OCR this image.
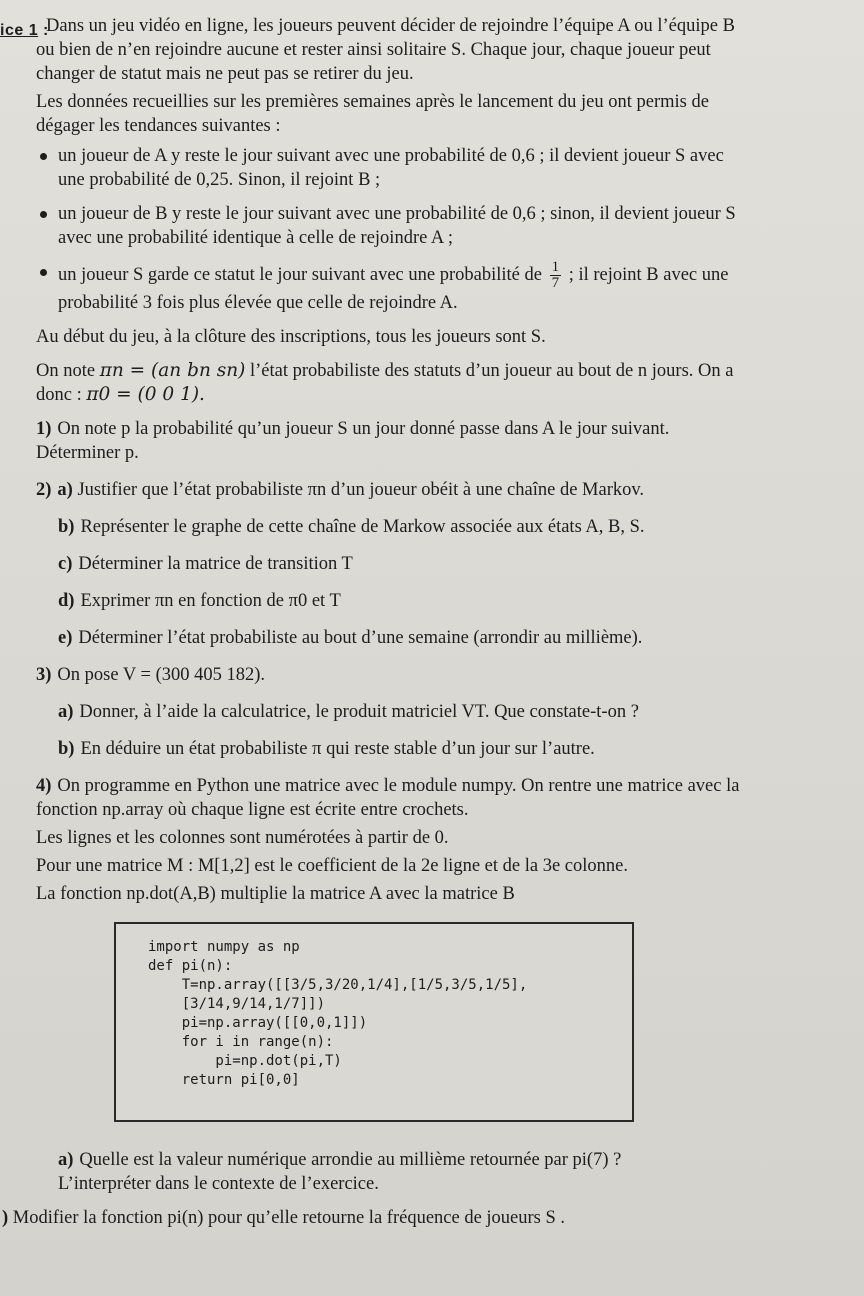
ice 1 :

Dans un jeu vidéo en ligne, les joueurs peuvent décider de rejoindre l’équipe A ou l’équipe B ou bien de n’en rejoindre aucune et rester ainsi solitaire S. Chaque jour, chaque joueur peut changer de statut mais ne peut pas se retirer du jeu.

Les données recueillies sur les premières semaines après le lancement du jeu ont permis de dégager les tendances suivantes :

un joueur de A y reste le jour suivant avec une probabilité de 0,6 ; il devient joueur S avec une probabilité de 0,25. Sinon, il rejoint B ;
un joueur de B y reste le jour suivant avec une probabilité de 0,6 ; sinon, il devient joueur S avec une probabilité identique à celle de rejoindre A ;
un joueur S garde ce statut le jour suivant avec une probabilité de $\frac{1}{7}$ ; il rejoint B avec une probabilité 3 fois plus élevée que celle de rejoindre A.

Au début du jeu, à la clôture des inscriptions, tous les joueurs sont S.

On note πn = (an bn sn) l’état probabiliste des statuts d’un joueur au bout de n jours. On a donc : π0 = (0 0 1).

1) On note p la probabilité qu’un joueur S un jour donné passe dans A le jour suivant. Déterminer p.
2) a) Justifier que l’état probabiliste πn d’un joueur obéit à une chaîne de Markov.
b) Représenter le graphe de cette chaîne de Markow associée aux états A, B, S.
c) Déterminer la matrice de transition T
d) Exprimer πn en fonction de π0 et T
e) Déterminer l’état probabiliste au bout d’une semaine (arrondir au millième).
3) On pose V = (300 405 182).
a) Donner, à l’aide la calculatrice, le produit matriciel VT. Que constate-t-on ?
b) En déduire un état probabiliste π qui reste stable d’un jour sur l’autre.
4) On programme en Python une matrice avec le module numpy. On rentre une matrice avec la fonction np.array où chaque ligne est écrite entre crochets.
Les lignes et les colonnes sont numérotées à partir de 0.
Pour une matrice M : M[1,2] est le coefficient de la 2e ligne et de la 3e colonne.
La fonction np.dot(A,B) multiplie la matrice A avec la matrice B
import numpy as np
def pi(n):
T=np.array([[3/5,3/20,1/4],[1/5,3/5,1/5],
[3/14,9/14,1/7]])
pi=np.array([[0,0,1]])
for i in range(n):
pi=np.dot(pi,T)
return pi[0,0]
a) Quelle est la valeur numérique arrondie au millième retournée par pi(7) ?
L’interpréter dans le contexte de l’exercice.
) Modifier la fonction pi(n) pour qu’elle retourne la fréquence de joueurs S .
